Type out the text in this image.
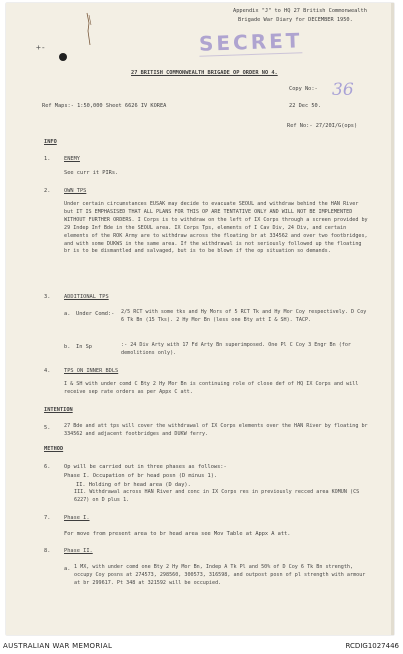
+-
Appendix "J" to HQ 27 British Commonwealth
Brigade War Diary for DECEMBER 1950.
SECRET
27 BRITISH COMMONWEALTH BRIGADE OP ORDER NO 4.
Copy No:- 36
Ref Maps:- 1:50,000 Sheet 6626 IV KOREA	22 Dec 50.
Ref No:- 27/20I/G(ops)
INFO
1.	ENEMY
See curr it PIRs.
2.	OWN TPS
Under certain circumstances EUSAK may decide to evacuate SEOUL and withdraw behind the HAN River but IT IS EMPHASISED THAT ALL PLANS FOR THIS OP ARE TENTATIVE ONLY AND WILL NOT BE IMPLEMENTED WITHOUT FURTHER ORDERS. I Corps is to withdraw on the left of IX Corps through a screen provided by 29 Indep Inf Bde in the SEOUL area. IX Corps Tps, elements of I Cav Div, 24 Div, and certain elements of the ROK Army are to withdraw across the floating br at 334562 and over two footbridges, and with some DUKWS in the same area. If the withdrawal is not seriously followed up the floating br is to be dismantled and salvaged, but is to be blown if the op situation so demands.
3.	ADDITIONAL TPS
a. Under Comd:- 2/5 RCT with some tks and Hy Mors of 5 RCT Tk and Hy Mor Coy respectively. D Coy 6 Tk Bn (15 Tks). 2 Hy Mor Bn (less one Bty att I & SH). TACP.
b. In Sp	:- 24 Div Arty with 17 Fd Arty Bn superimposed. One Pl C Coy 3 Engr Bn (for demolitions only).
4.	TPS ON INNER BDLS
I & SH with under comd C Bty 2 Hy Mor Bn is continuing role of close def of HQ IX Corps and will receive sep rate orders as per Appx C att.
INTENTION
5.	27 Bde and att tps will cover the withdrawal of IX Corps elements over the HAN River by floating br 334562 and adjacent footbridges and DUKW ferry.
METHOD
6.	Op will be carried out in three phases as follows:-
Phase I. Occupation of br head posn (D minus 1).
II. Holding of br head area (D day).
III. Withdrawal across HAN River and conc in IX Corps res in previously recced area KOMUN (CS 6227) on D plus 1.
7.	Phase I.
For move from present area to br head area see Mov Table at Appx A att.
8.	Phase II.
a. 1 MX, with under comd one Bty 2 Hy Mor Bn, Indep A Tk Pl and 50% of D Coy 6 Tk Bn strength, occupy Coy posns at 274573, 298560, 300573, 316598, and outpost posn of pl strength with armour at br 299617. Pt 348 at 321592 will be occupied.
AUSTRALIAN WAR MEMORIAL	RCDIG1027446
